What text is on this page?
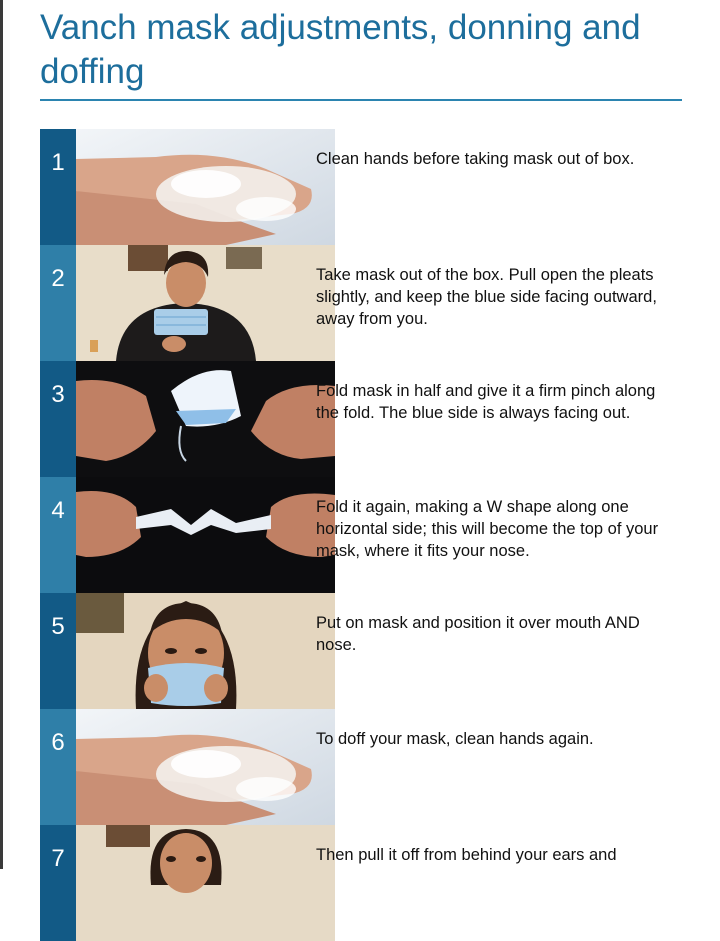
Vanch mask adjustments, donning and doffing
1	Clean hands before taking mask out of box.

2	Take mask out of the box. Pull open the pleats slightly, and keep the blue side facing outward, away from you.

3	Fold mask in half and give it a firm pinch along the fold. The blue side is always facing out.

4	Fold it again, making a W shape along one horizontal side; this will become the top of your mask, where it fits your nose.

5	Put on mask and position it over mouth AND nose.

6	To doff your mask, clean hands again.

7	Then pull it off from behind your ears and
